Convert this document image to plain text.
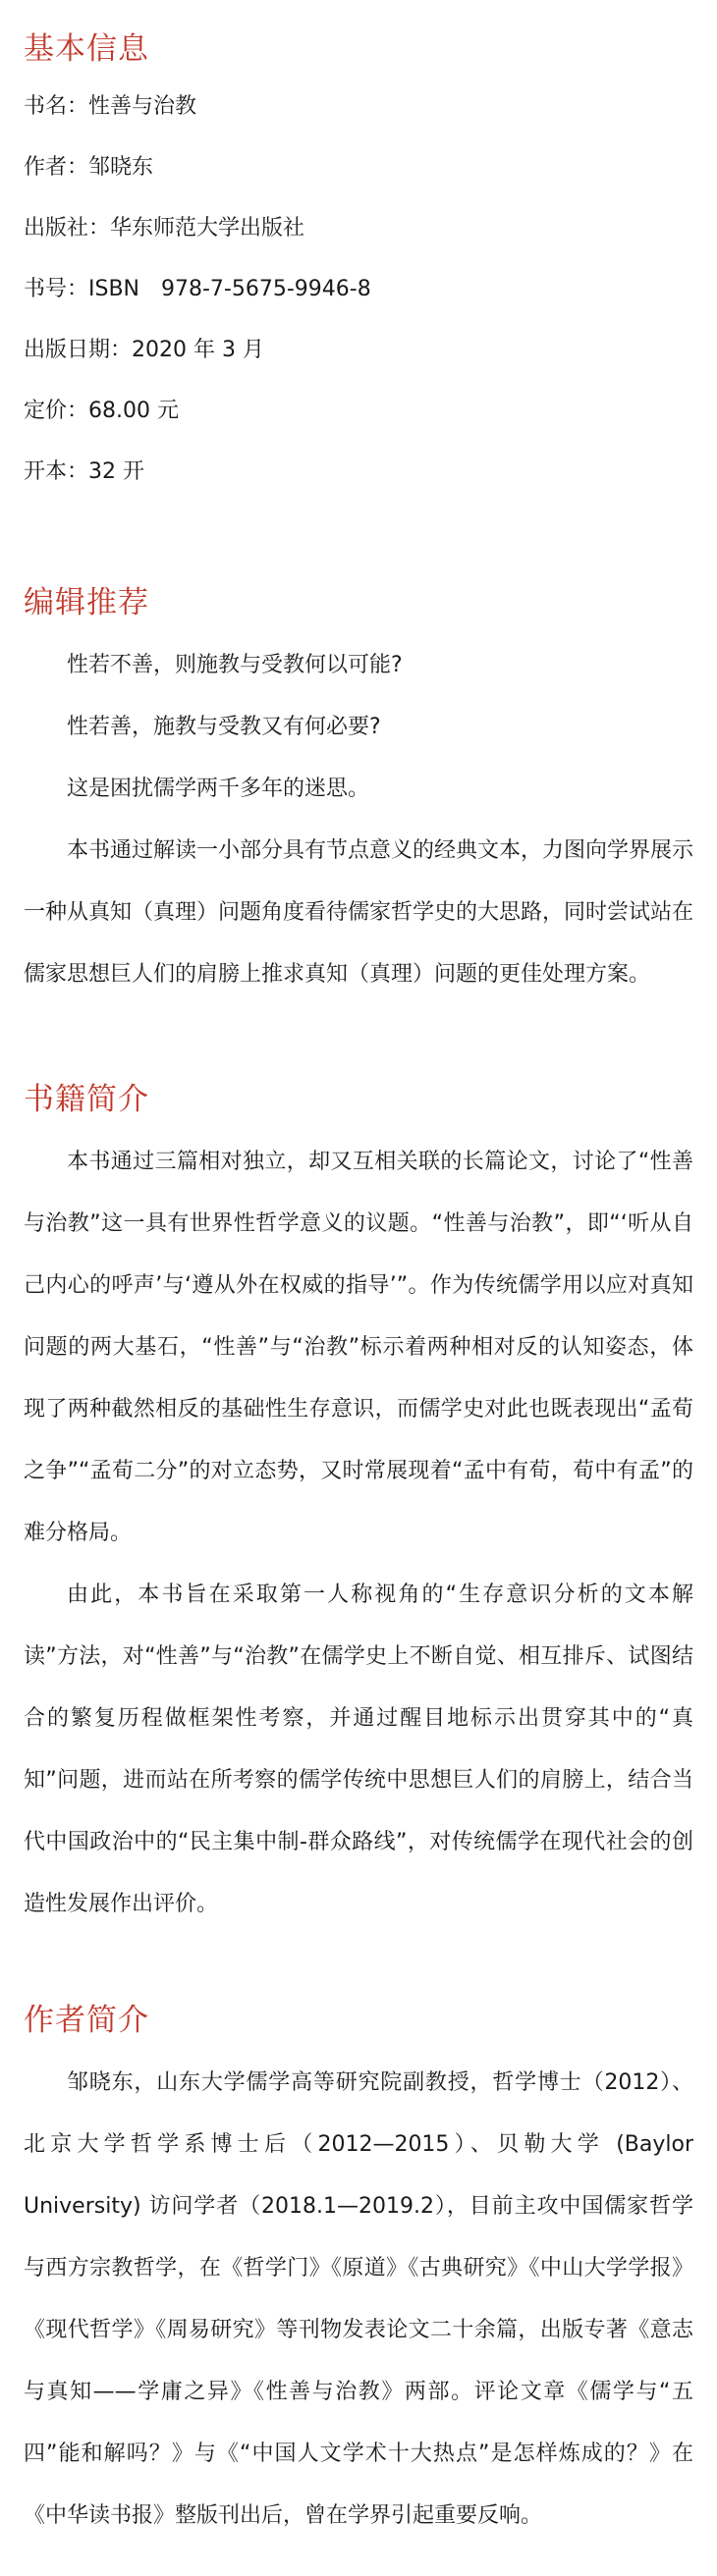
基本信息

书名：性善与治教

作者：邹晓东

出版社：华东师范大学出版社

书号：ISBN　978-7-5675-9946-8

出版日期：2020 年 3 月

定价：68.00 元

开本：32 开

编辑推荐

性若不善，则施教与受教何以可能?

性若善，施教与受教又有何必要?

这是困扰儒学两千多年的迷思。

本书通过解读一小部分具有节点意义的经典文本，力图向学界展示一种从真知（真理）问题角度看待儒家哲学史的大思路，同时尝试站在儒家思想巨人们的肩膀上推求真知（真理）问题的更佳处理方案。

书籍简介

本书通过三篇相对独立，却又互相关联的长篇论文，讨论了“性善与治教”这一具有世界性哲学意义的议题。“性善与治教”，即“‘听从自己内心的呼声’与‘遵从外在权威的指导’”。作为传统儒学用以应对真知问题的两大基石，“性善”与“治教”标示着两种相对反的认知姿态，体现了两种截然相反的基础性生存意识，而儒学史对此也既表现出“孟荀之争”“孟荀二分”的对立态势，又时常展现着“孟中有荀，荀中有孟”的难分格局。

由此，本书旨在采取第一人称视角的“生存意识分析的文本解读”方法，对“性善”与“治教”在儒学史上不断自觉、相互排斥、试图结合的繁复历程做框架性考察，并通过醒目地标示出贯穿其中的“真知”问题，进而站在所考察的儒学传统中思想巨人们的肩膀上，结合当代中国政治中的“民主集中制-群众路线”，对传统儒学在现代社会的创造性发展作出评价。

作者简介

邹晓东，山东大学儒学高等研究院副教授，哲学博士（2012）、北京大学哲学系博士后（2012—2015）、贝勒大学 (Baylor University) 访问学者（2018.1—2019.2），目前主攻中国儒家哲学与西方宗教哲学，在《哲学门》《原道》《古典研究》《中山大学学报》《现代哲学》《周易研究》等刊物发表论文二十余篇，出版专著《意志与真知——学庸之异》《性善与治教》两部。评论文章《儒学与“五四”能和解吗？》与《“中国人文学术十大热点”是怎样炼成的？》在《中华读书报》整版刊出后，曾在学界引起重要反响。
